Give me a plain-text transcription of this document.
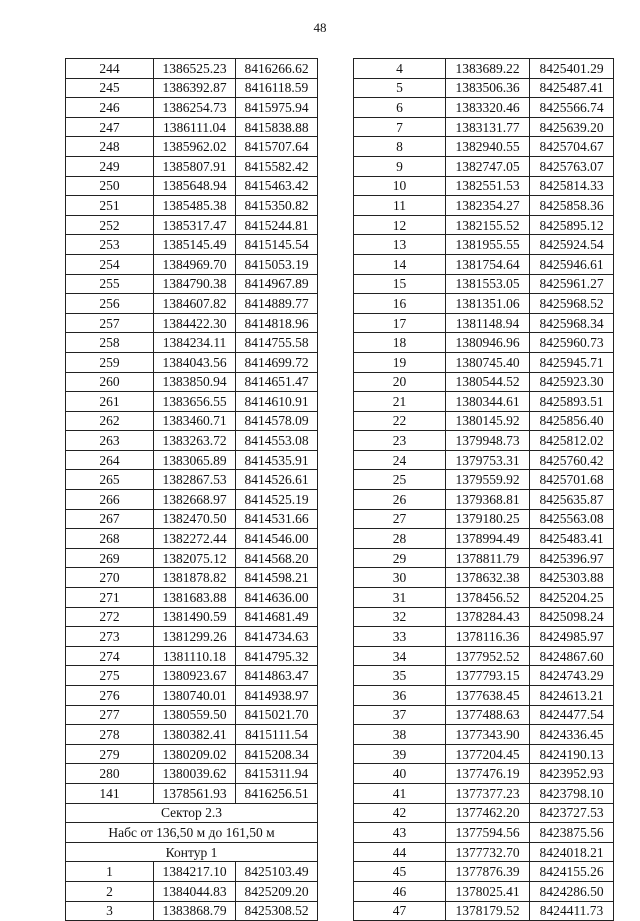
48
244	1386525.23	8416266.62
245	1386392.87	8416118.59
246	1386254.73	8415975.94
247	1386111.04	8415838.88
248	1385962.02	8415707.64
249	1385807.91	8415582.42
250	1385648.94	8415463.42
251	1385485.38	8415350.82
252	1385317.47	8415244.81
253	1385145.49	8415145.54
254	1384969.70	8415053.19
255	1384790.38	8414967.89
256	1384607.82	8414889.77
257	1384422.30	8414818.96
258	1384234.11	8414755.58
259	1384043.56	8414699.72
260	1383850.94	8414651.47
261	1383656.55	8414610.91
262	1383460.71	8414578.09
263	1383263.72	8414553.08
264	1383065.89	8414535.91
265	1382867.53	8414526.61
266	1382668.97	8414525.19
267	1382470.50	8414531.66
268	1382272.44	8414546.00
269	1382075.12	8414568.20
270	1381878.82	8414598.21
271	1381683.88	8414636.00
272	1381490.59	8414681.49
273	1381299.26	8414734.63
274	1381110.18	8414795.32
275	1380923.67	8414863.47
276	1380740.01	8414938.97
277	1380559.50	8415021.70
278	1380382.41	8415111.54
279	1380209.02	8415208.34
280	1380039.62	8415311.94
141	1378561.93	8416256.51
Сектор 2.3		
Набс от 136,50 м до 161,50 м		
Контур 1		
1	1384217.10	8425103.49
2	1384044.83	8425209.20
3	1383868.79	8425308.52
4	1383689.22	8425401.29
5	1383506.36	8425487.41
6	1383320.46	8425566.74
7	1383131.77	8425639.20
8	1382940.55	8425704.67
9	1382747.05	8425763.07
10	1382551.53	8425814.33
11	1382354.27	8425858.36
12	1382155.52	8425895.12
13	1381955.55	8425924.54
14	1381754.64	8425946.61
15	1381553.05	8425961.27
16	1381351.06	8425968.52
17	1381148.94	8425968.34
18	1380946.96	8425960.73
19	1380745.40	8425945.71
20	1380544.52	8425923.30
21	1380344.61	8425893.51
22	1380145.92	8425856.40
23	1379948.73	8425812.02
24	1379753.31	8425760.42
25	1379559.92	8425701.68
26	1379368.81	8425635.87
27	1379180.25	8425563.08
28	1378994.49	8425483.41
29	1378811.79	8425396.97
30	1378632.38	8425303.88
31	1378456.52	8425204.25
32	1378284.43	8425098.24
33	1378116.36	8424985.97
34	1377952.52	8424867.60
35	1377793.15	8424743.29
36	1377638.45	8424613.21
37	1377488.63	8424477.54
38	1377343.90	8424336.45
39	1377204.45	8424190.13
40	1377476.19	8423952.93
41	1377377.23	8423798.10
42	1377462.20	8423727.53
43	1377594.56	8423875.56
44	1377732.70	8424018.21
45	1377876.39	8424155.26
46	1378025.41	8424286.50
47	1378179.52	8424411.73
